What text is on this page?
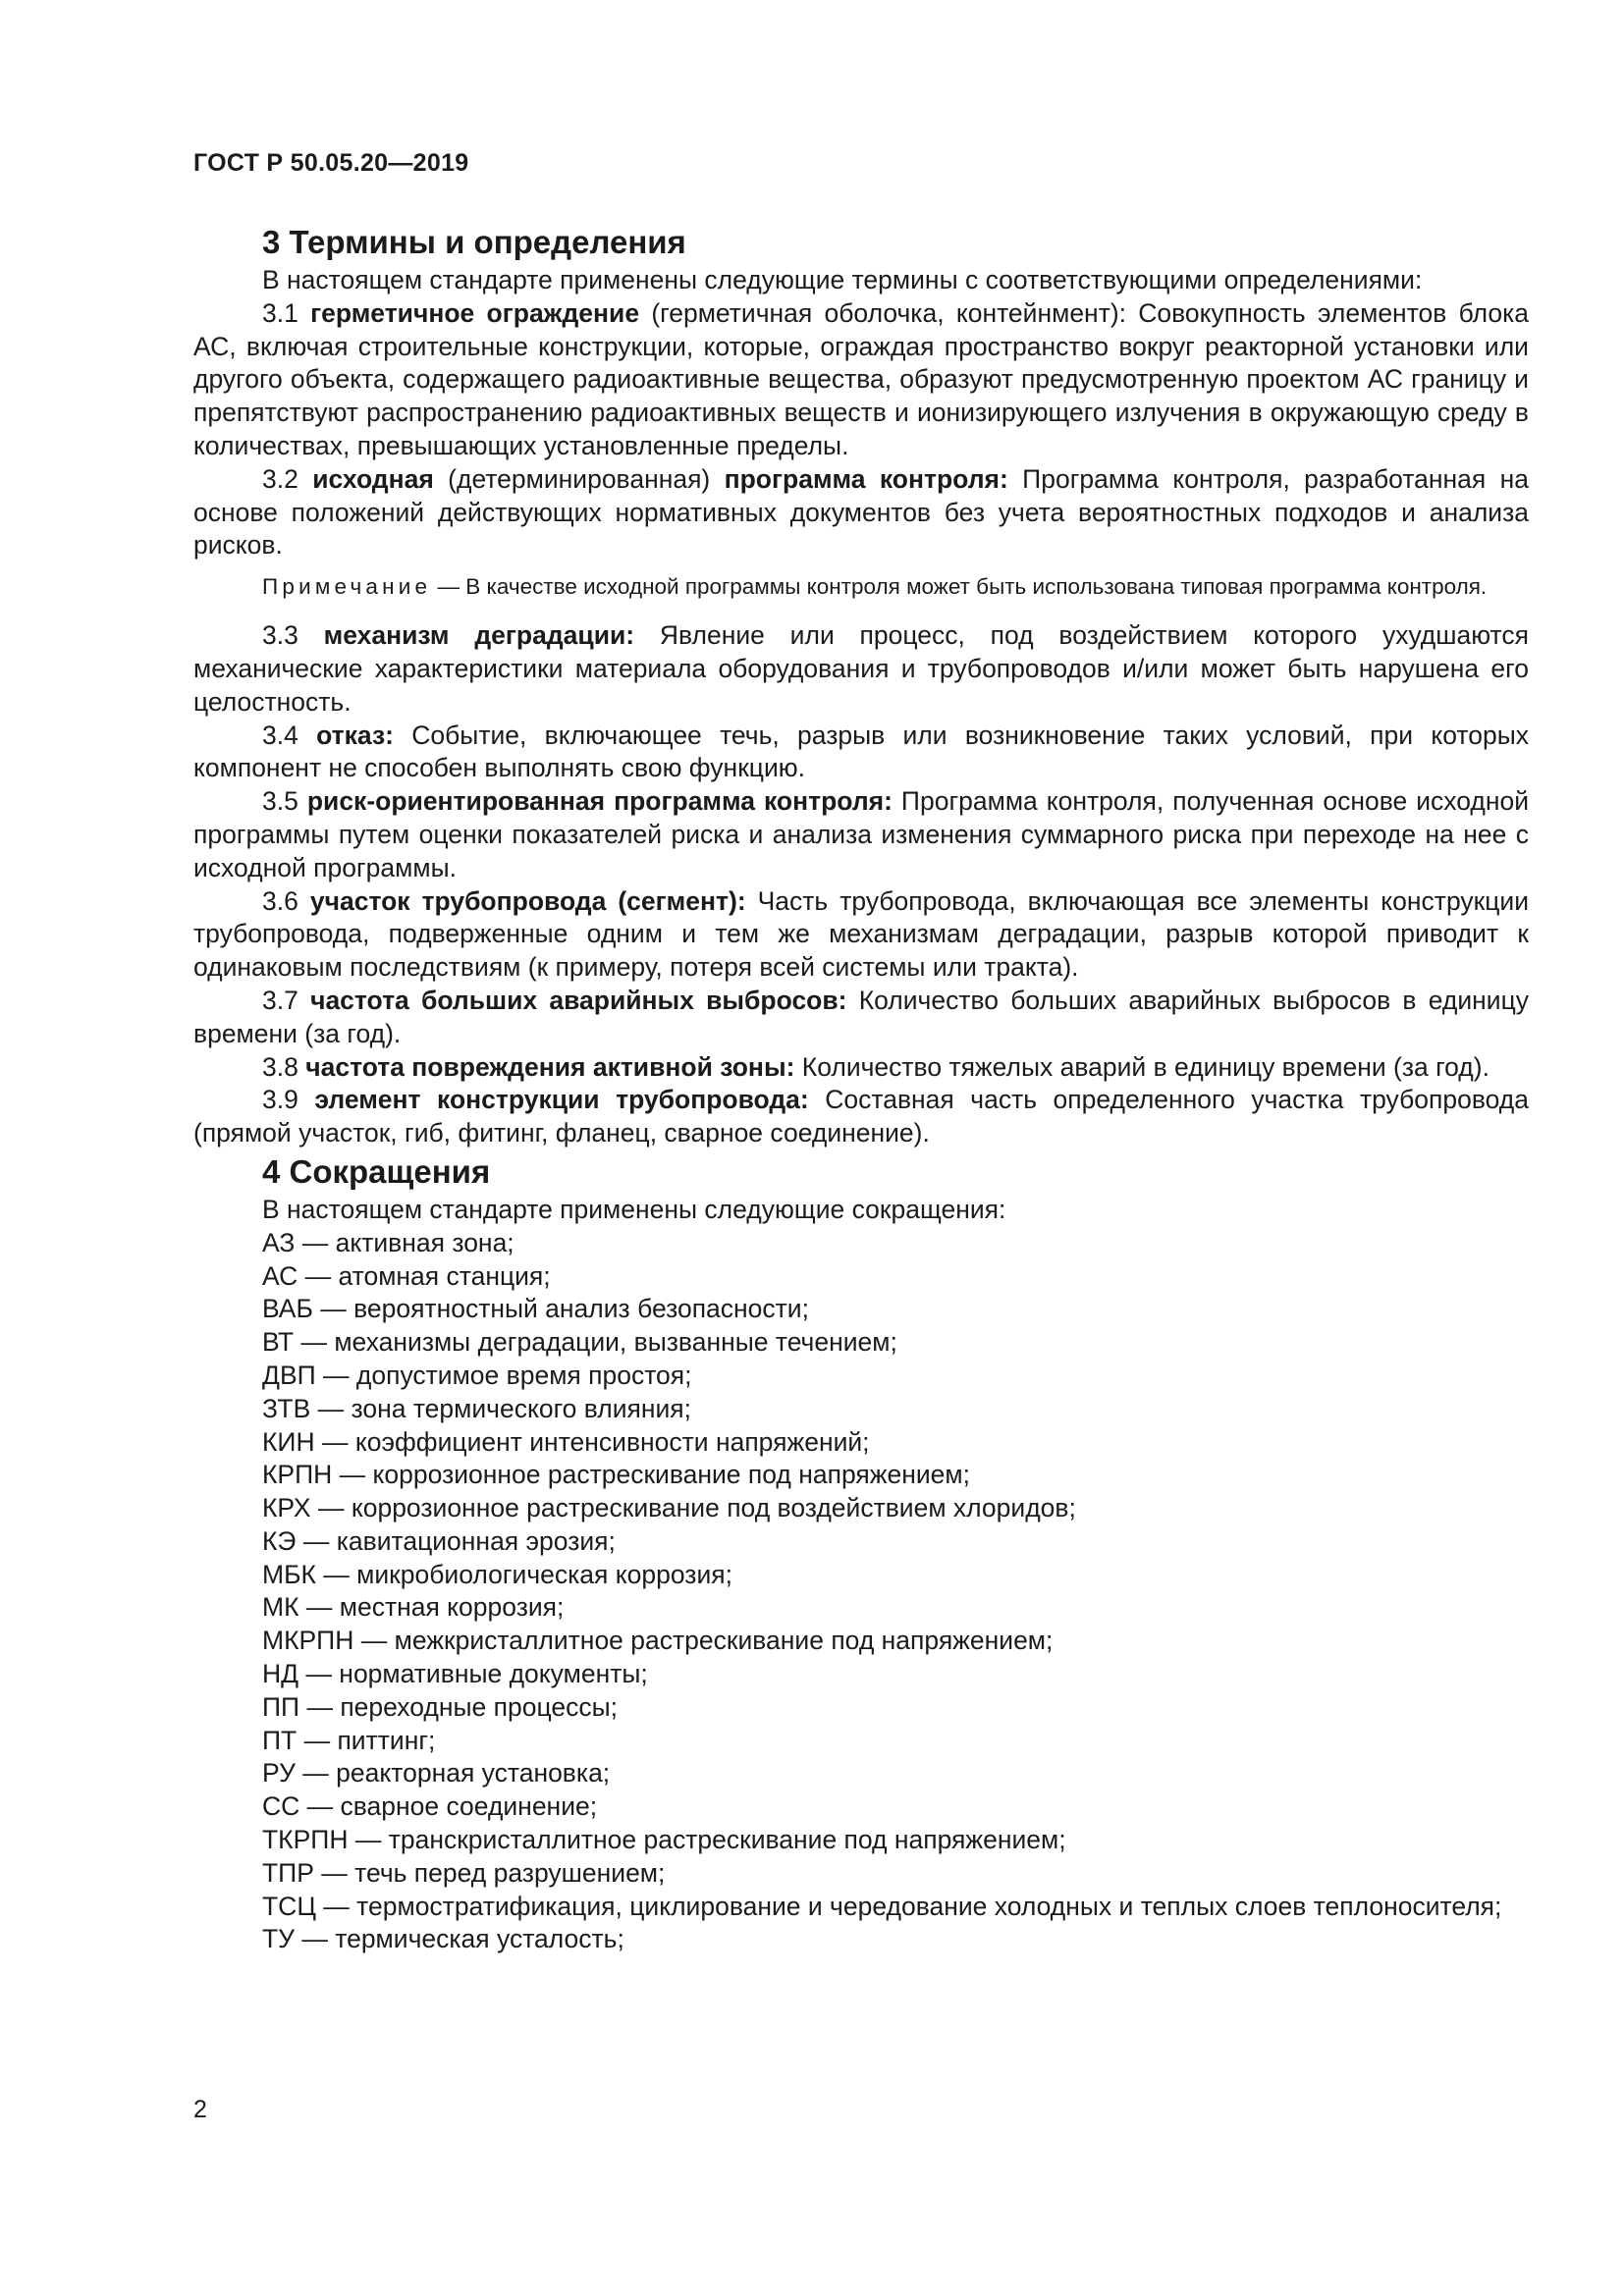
ГОСТ Р 50.05.20—2019
3 Термины и определения

В настоящем стандарте применены следующие термины с соответствующими определениями:

3.1 герметичное ограждение (герметичная оболочка, контейнмент): Совокупность элементов блока АС, включая строительные конструкции, которые, ограждая пространство вокруг реакторной установки или другого объекта, содержащего радиоактивные вещества, образуют предусмотренную проектом АС границу и препятствуют распространению радиоактивных веществ и ионизирующего излучения в окружающую среду в количествах, превышающих установленные пределы.

3.2 исходная (детерминированная) программа контроля: Программа контроля, разработанная на основе положений действующих нормативных документов без учета вероятностных подходов и анализа рисков.

Примечание — В качестве исходной программы контроля может быть использована типовая программа контроля.

3.3 механизм деградации: Явление или процесс, под воздействием которого ухудшаются механические характеристики материала оборудования и трубопроводов и/или может быть нарушена его целостность.

3.4 отказ: Событие, включающее течь, разрыв или возникновение таких условий, при которых компонент не способен выполнять свою функцию.

3.5 риск-ориентированная программа контроля: Программа контроля, полученная основе исходной программы путем оценки показателей риска и анализа изменения суммарного риска при переходе на нее с исходной программы.

3.6 участок трубопровода (сегмент): Часть трубопровода, включающая все элементы конструкции трубопровода, подверженные одним и тем же механизмам деградации, разрыв которой приводит к одинаковым последствиям (к примеру, потеря всей системы или тракта).

3.7 частота больших аварийных выбросов: Количество больших аварийных выбросов в единицу времени (за год).

3.8 частота повреждения активной зоны: Количество тяжелых аварий в единицу времени (за год).

3.9 элемент конструкции трубопровода: Составная часть определенного участка трубопровода (прямой участок, гиб, фитинг, фланец, сварное соединение).

4 Сокращения

В настоящем стандарте применены следующие сокращения:

АЗ — активная зона;
АС — атомная станция;
ВАБ — вероятностный анализ безопасности;
ВТ — механизмы деградации, вызванные течением;
ДВП — допустимое время простоя;
ЗТВ — зона термического влияния;
КИН — коэффициент интенсивности напряжений;
КРПН — коррозионное растрескивание под напряжением;
КРХ — коррозионное растрескивание под воздействием хлоридов;
КЭ — кавитационная эрозия;
МБК — микробиологическая коррозия;
МК — местная коррозия;
МКРПН — межкристаллитное растрескивание под напряжением;
НД — нормативные документы;
ПП — переходные процессы;
ПТ — питтинг;
РУ — реакторная установка;
СС — сварное соединение;
ТКРПН — транскристаллитное растрескивание под напряжением;
ТПР — течь перед разрушением;
ТСЦ — термостратификация, циклирование и чередование холодных и теплых слоев теплоносителя;
ТУ — термическая усталость;
2
